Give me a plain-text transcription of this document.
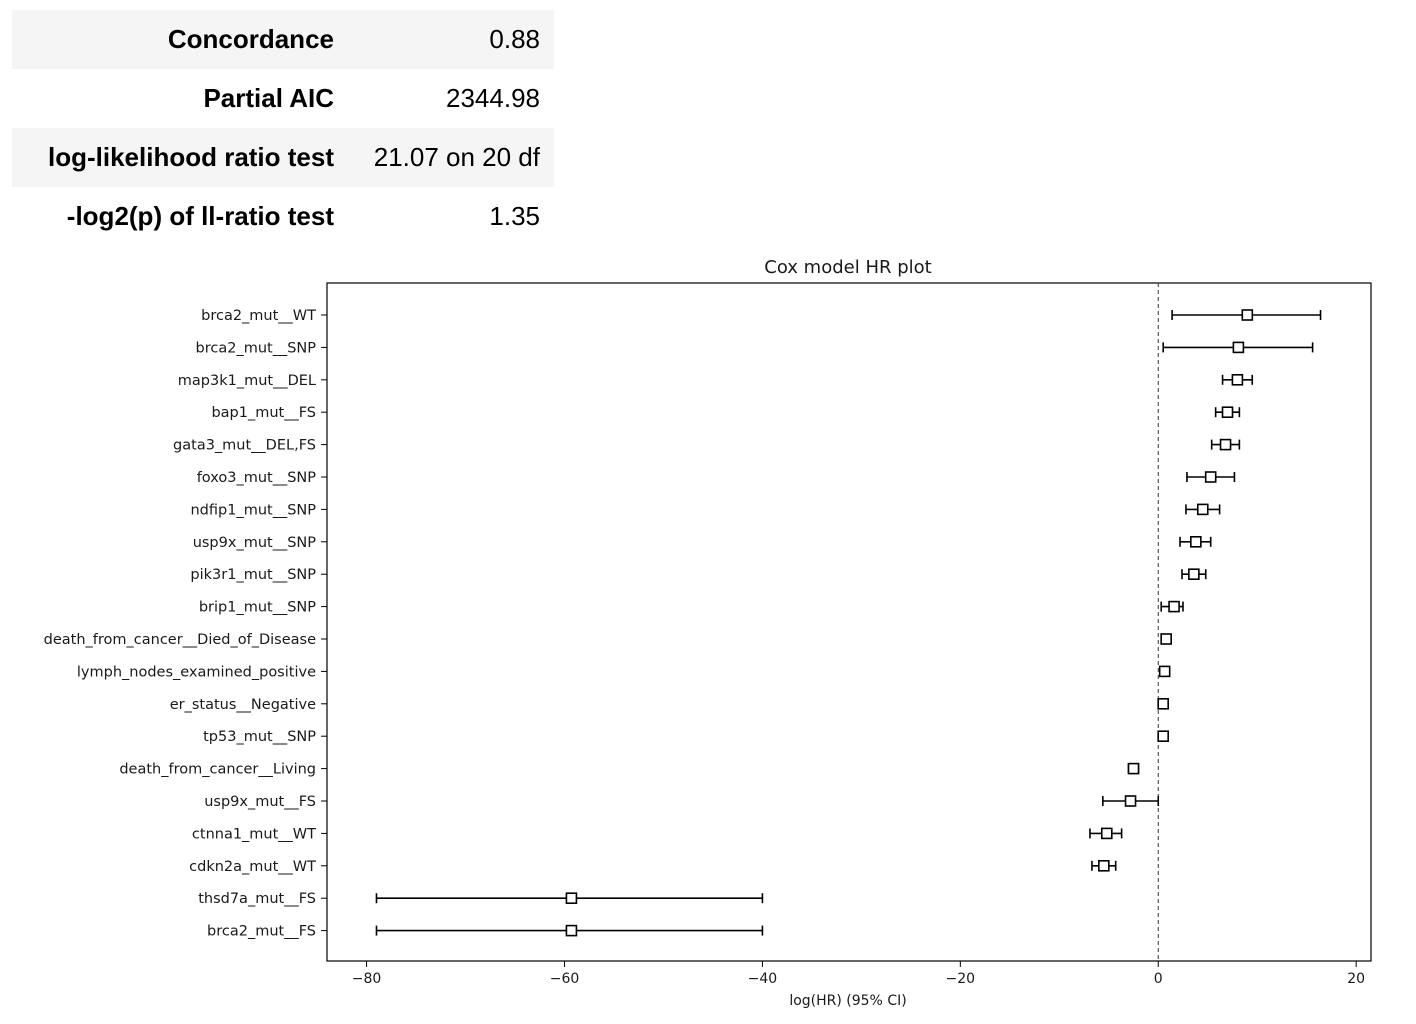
Concordance	0.88
Partial AIC	2344.98
log-likelihood ratio test	21.07 on 20 df
-log2(p) of ll-ratio test	1.35
Cox model HR plot
−80	−60	−40	−20	0	20
brca2_mut__WT
brca2_mut__SNP
map3k1_mut__DEL
bap1_mut__FS
gata3_mut__DEL,FS
foxo3_mut__SNP
ndfip1_mut__SNP
usp9x_mut__SNP
pik3r1_mut__SNP
brip1_mut__SNP
death_from_cancer__Died_of_Disease
lymph_nodes_examined_positive
er_status__Negative
tp53_mut__SNP
death_from_cancer__Living
usp9x_mut__FS
ctnna1_mut__WT
cdkn2a_mut__WT
thsd7a_mut__FS
brca2_mut__FS
log(HR) (95% CI)
